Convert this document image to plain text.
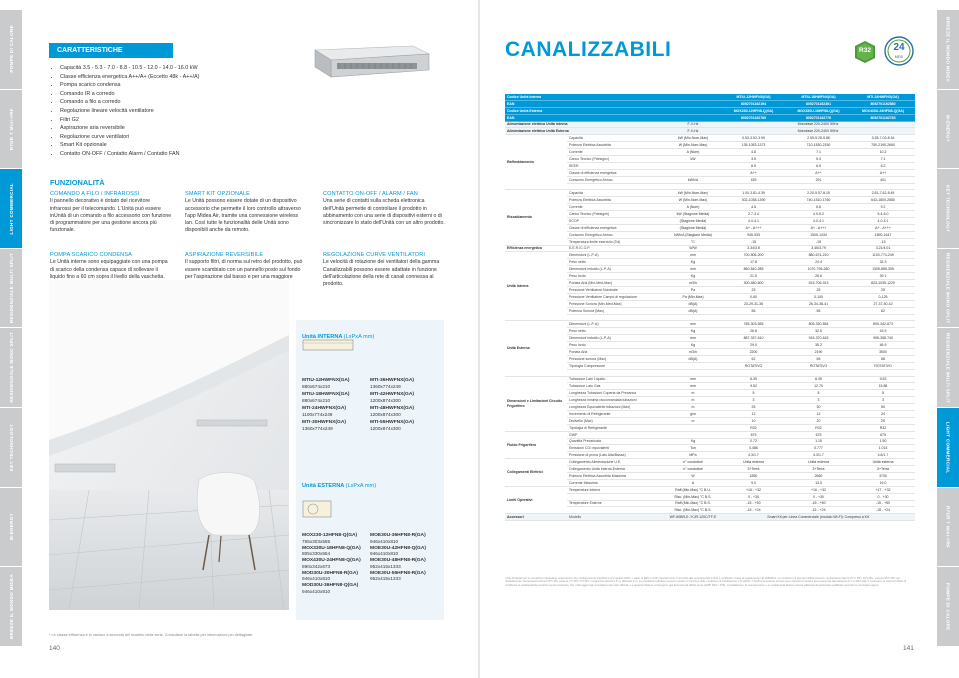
POMPE DI CALORE
R7DR T Mini-VRF
LIGHT COMMERCIAL
RESIDENZIALE MULTI SPLIT
RESIDENZIALE MONO SPLIT
KEY TECHNOLOGY
M-ENERGY
BREEZE IL MONDO MIDEA
CARATTERISTICHE
• Capacità 3.5 - 5.3 - 7.0 - 8.8 - 10.5 - 12.0 - 14.0 - 16.0 kW
• Classe efficienza energetica A++/A+ (Eccetto 48k - A++/A)
• Pompa scarico condensa
• Comando IR a corredo
• Comando a filo a corredo
• Regolazione lineare velocità ventilatore
• Filtri G2
• Aspirazione aria reversibile
• Regolazione curve ventilatori
• Smart Kit opzionale
• Contatto ON-OFF / Contatto Alarm / Contatto FAN
FUNZIONALITÀ
COMANDO A FILO / INFRAROSSI

Il pannello decorativo è dotato del ricevitore infrarossi per il telecomando. L'Unità può essere inUnità di un comando a filo accessorio con funzione di programmatore per una gestione ancora più funzionale.

SMART KIT OPZIONALE

Le Unità possono essere dotate di un dispositivo accessorio che permette il loro controllo attraverso l'app Midea Air, tramite una connessione wireless lan. Così tutte le funzionalità delle Unità sono disponibili anche da remoto.

CONTATTO ON-OFF / ALARM / FAN

Una serie di contatti sulla scheda elettronica dell'Unità permette di controllare il prodotto in abbinamento con una serie di dispositivi esterni o di sincronizzare lo stato dell'Unità con un altro prodotto.

POMPA SCARICO CONDENSA

Le Unità interne sono equipaggiate con una pompa di scarico della condensa capace di sollevare il liquido fino a 60 cm sopra il livello della vaschetta.

ASPIRAZIONE REVERSIBILE

Il supporto filtri, di norma sul retro del prodotto, può essere scambiato con un pannello posto sul fondo per l'aspirazione dal basso e per una maggiore

REGOLAZIONE CURVE VENTILATORI

Le velocità di rotazione dei ventilatori della gamma Canalizzabili possono essere adattate in funzione dell'articolazione della rete di canali connessa al prodotto.

Unità INTERNA (LxPxA mm)
Unità ESTERNA (LxPxA mm)
MTIU-12HWFNX(GA)
880x674x210
MTI-36HWFNX(GA)
1360x774x249
MTIU-18HWFNX(GA)
880x674x210
MTI-42HWFNX(GA)
1200x874x300
MTI-24HWFNX(GA)
1100x774x249
MTI-48HWFNX(GA)
1200x874x300
MTI-30HWFNX(GA)
1360x774x249
MTI-55HWFNX(GA)
1200x874x300
MOX230-12HFN8-Q(GA)
765x303x555
MOE30U-36HFN8-R(GA)
946x410x810
MOX330U-18HFN8-Q(GA)
805x330x554
MOE30U-42HFN8-Q(GA)
946x410x810
MOX430U-24HFN8-Q(GA)
890x342x673
MOE30U-48HFN8-R(GA)
952x415x1333
MOD30U-30HFN8-R(GA)
946x410x810
MOE30U-55HFN8-R(GA)
952x415x1333
MOD30U-36HFN8-Q(GA)
946x410x810
* Le classe efficienza è in variano a seconda del modello della serie. Consultare la tabella per informazioni più dettagliate.
140
BREEZE IL MONDO MIDEA
M-ENERGY
KEY TECHNOLOGY
RESIDENZIALE MONO SPLIT
RESIDENZIALE MULTI SPLIT
LIGHT COMMERCIAL
R7DR T Mini-VRF
POMPE DI CALORE
CANALIZZABILI	R32	24
MESI
Codice Unità Interna			MTIU-12HWFNX(GA)	MTIU-18HWFNX(GA)	MTI-24HWFNX(GA)
EAN			8052701162194	8052701162361	8052701162880
Codice Unità Esterna			MOX230-12HFN8-Q(GA)	MOX330U-18HFN8-Q(GA)	MOX430U-24HFN8-Q(GA)
EAN			8052701162760	8052701162776	8052701162783
Alimentazione elettrica Unità Interna		F-V-Hz	Monofase 220-240V 50Hz		
Alimentazione elettrica Unità Esterna		F-V-Hz	Monofase 220-240V 50Hz		
Raffreddamento	Capacità	kW (Min-Nom-Max)	0.53-3.52-3.99	2.55-5.28-5.86	3.28-7.03-8.16
	Potenza Elettrica Assorbita	W (Min-Nom-Max)	135-1053-1373	710-1530-2150	750-2190-2660
	Corrente	A (Nom)	4.8	7.1	10.2
	Carico Teorico (Pdesignc)	kW	3.5	5.3	7.1
	SEER		6.5	6.5	6.2
	Classe di efficienza energetica		A++	A++	A++
	Consumo Energetico Annuo	kWh/A	189	291	401

Riscaldamento	Capacità	kW (Min-Nom-Max)	1.00-3.81-4.39	2.20-5.57-6.15	2.81-7.62-8.49
	Potenza Elettrica Assorbita	W (Min-Nom-Max)	302-1038-1390	740-1510-1760	643-1800-2580
	Corrente	A (Nom)	4.5	6.8	9.2
	Carico Teorico (Pdesignh)	kW (Stagione Media)	2.7-3.4	4.9-5.2	5.4-6.0
	SCOP	(Stagione Media)	4.0-4.1	4.0-4.1	4.0-4.1
	Classe di efficienza energetica	(Stagione Media)	A+ - A+++	A+ - A+++	A+ - A+++
	Consumo Energetico Annuo	kWh/A (Stagione Media)	945-933	1505-1434	1890-1647
	Temperatura limite esercizio (Tol)	°C	-15	-15	-15
Efficienza energetica	E.E.R./C.O.P.	W/W	3.34/3.8	3.45/3.79	3.21/4.01
Unità Interna	Dimensioni (L-P-A)	mm	700-506-200	880-674-210	1100-774-249
	Peso netto	Kg	17.8	24.4	32.3
	Dimensioni Imballo (L-P-A)	mm	860-540-285	1070-795-280	1305-885-305
	Peso lordo	Kg	21.5	28.6	39.1
	Portata Aria (Min-Med-Max)	m3/h	300-480-600	515-706-913	823-1035-1229
	Pressione Ventilatore Nominale	Pa	25	25	25
	Pressione Ventilatore Campo di regolazione	Pa (Min-Max)	0-60	0-100	0-125
	Pressione Sonora (Min-Med-Max)	dB(A)	23-29-31-35	26-34-38-41	27-37-40-42
	Potenza Sonora (Max)	dB(A)	56	56	62

Unità Esterna	Dimensioni (L-P-A)	mm	765-303-555	805-330-554	890-342-673
	Peso netto	Kg	26.6	32.5	43.9
	Dimensioni Imballo (L-P-A)	mm	887-337-610	915-370-615	995-398-740
	Peso lordo	Kg	29.0	35.2	46.9
	Portata Aria	m3/h	2200	2190	3500
	Pressione sonora (Max)	dB(A)	62	65	68
	Tipologia Compressore		ROTATIVO	ROTATIVO	ROTATIVO

Dimensioni e Limitazioni Circuito Frigorifero	Tubazione Lato Liquido	mm	6.35	6.35	9.52
	Tubazione Lato Gas	mm	9.52	12.70	15.88
	Lunghezza Tubazioni Coperta da Precarica	m	5	5	5
	Lunghezza minima raccomandata tubazioni	m	3	3	3
	Lunghezza Equivalente tubazioni (Max)	m	25	30	50
	Incremento di Refrigerante	g/m	12	12	24
	Dislivello (Max)	m	10	20	25
	Tipologia di Refrigerante		R32	R32	R32
Fluido Frigorifero	GWP		675	675	675
	Quantità Precaricata	Kg	0.72	1.15	1.50
	Emissioni CO² equivalenti	Ton	0.486	0.777	1.013
	Pressione di prova (Lato Alta/Bassa)	MPa	4.3/1.7	4.3/1.7	4.6/1.7
Collegamenti Elettrici	Collegamento Alimentazione U.E.	n° conduttori	Unità esterna	Unità esterna	Unità esterna
	Collegamento Unità Interna-Esterna	n° conduttori	3+Terra	3+Terra	3+Terra
	Potenza Elettrica Assorbita Massima	W	1850	2660	3700
	Corrente Massima	A	9.0	13.5	19.0
Limiti Operativi	Temperature interne	Raff.(Min-Max) °C B.U.	+16 - +32	+16 - +32	+17 - +32
		Risc. (Min-Max) °C B.S.	0 - +30	0 - +30	0 - +30
	Temperature Esterne	Raff.(Min-Max) °C B.S.	-15 - +50	-15 - +50	-15 - +50
		Risc. (Min-Max) °C B.S.	-15 - +24	-15 - +24	-15 - +24
Accessori	Modello	WF-60BR-E / KJR-120C/TF-E	Smart Kit per Linea Commerciale (modulo Wi-Fi): Compreso a Kit		
I dati dichiarati per le prestazioni riguardano unità interne con configurazione standard come da EN 14511. I valori di EER e COP calcolati sono in accordo alla normativa EN 14511 e certificati in base al regolamento UE 206/2012. Le condizioni di test per raffrescamento: temperatura interna 27°C BS / 19°C BU, esterna 35°C BS; per riscaldamento: temperatura interna 20°C BS, esterna 7°C BS / 6°C BU. Lunghezza tubazioni 5 m, dislivello 0 m. Le prestazioni effettive possono variare in funzione delle condizioni di installazione e di utilizzo. I livelli di pressione sonora sono misurati in camera semi-anecoica alla distanza di 1 m dall'unità. Il costruttore si riserva il diritto di modificare le caratteristiche tecniche senza preavviso. Per i dati aggiornati consultare il sito web ufficiale. Le apparecchiature contengono gas fluorurati ad effetto serra (GWP R32 = 675). L'installazione, la manutenzione e lo smaltimento devono essere effettuati da personale qualificato secondo le normative vigenti.
141
